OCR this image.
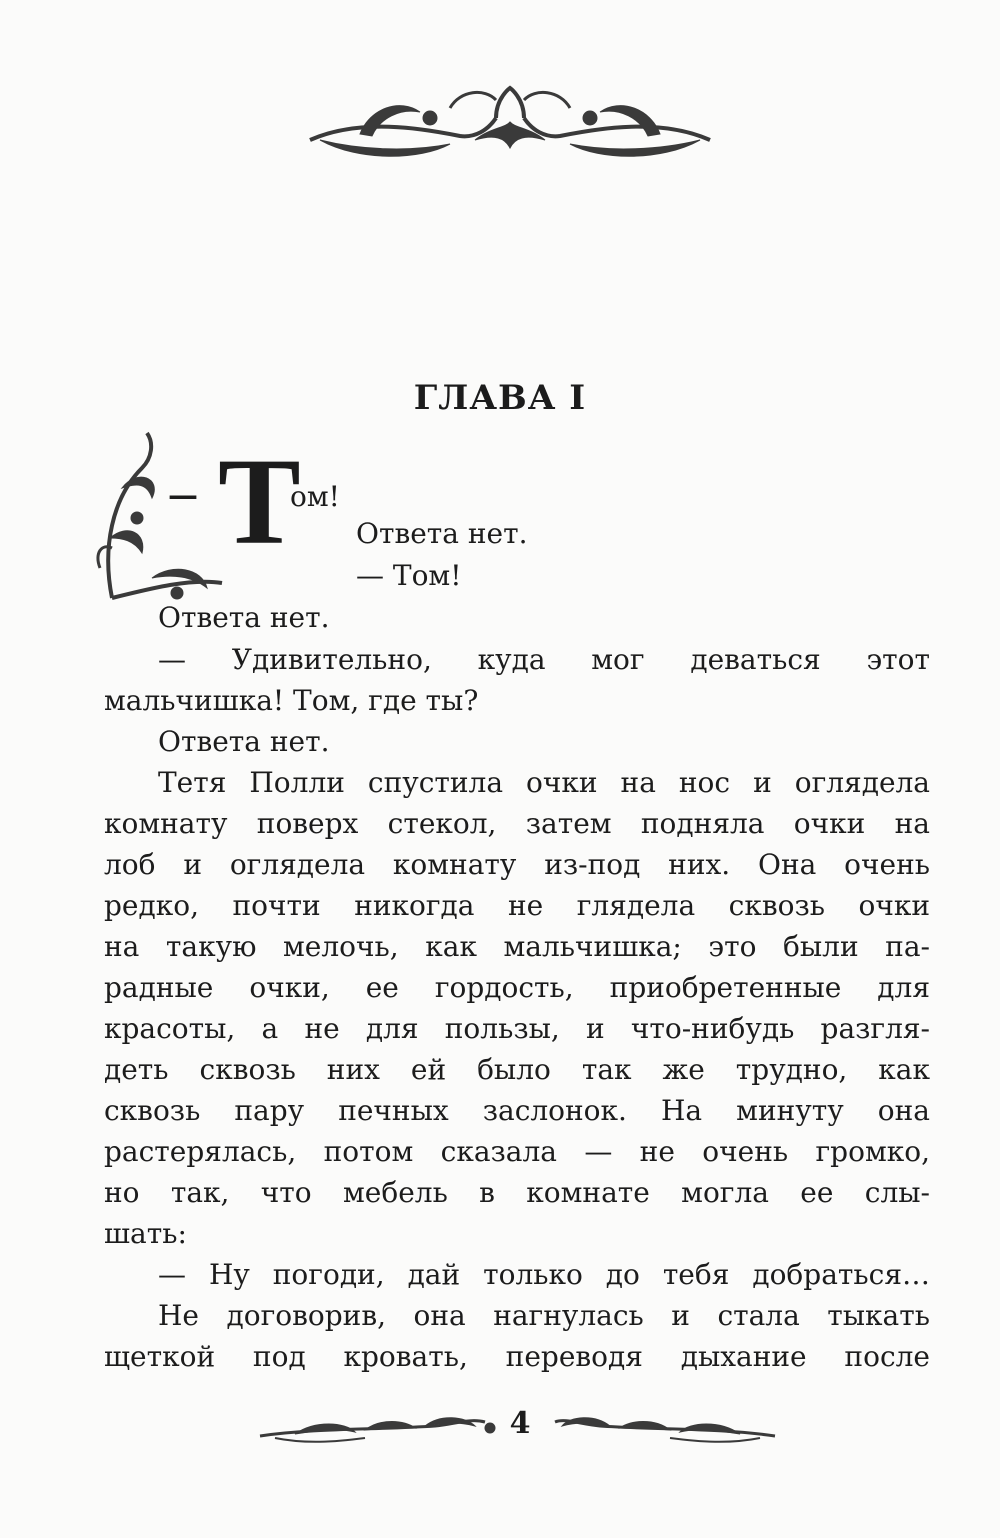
ГЛАВА I
— Т
ом!
Ответа нет.
— Том!
Ответа нет.
— Удивительно, куда мог деваться этот
мальчишка! Том, где ты?
Ответа нет.
Тетя Полли спустила очки на нос и оглядела
комнату поверх стекол, затем подняла очки на
лоб и оглядела комнату из-под них. Она очень
редко, почти никогда не глядела сквозь очки
на такую мелочь, как мальчишка; это были па-
радные очки, ее гордость, приобретенные для
красоты, а не для пользы, и что-нибудь разгля-
деть сквозь них ей было так же трудно, как
сквозь пару печных заслонок. На минуту она
растерялась, потом сказала — не очень громко,
но так, что мебель в комнате могла ее слы-
шать:
— Ну погоди, дай только до тебя добраться…
Не договорив, она нагнулась и стала тыкать
щеткой под кровать, переводя дыхание после
4
